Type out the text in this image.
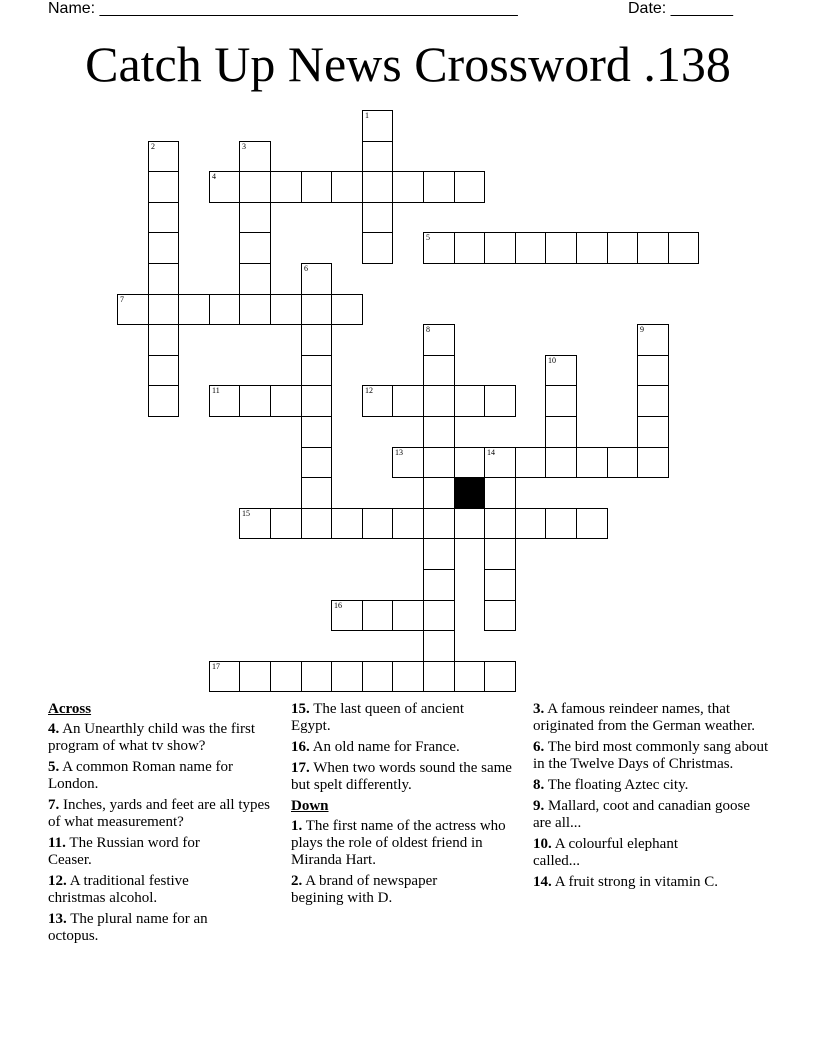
Name: _______________________________________________	Date: _______
Catch Up News Crossword .138
1
2	3
4
5
6
7
8	9
10
11	12
13	14
15
16
17
Across
4. An Unearthly child was the first program of what tv show?
5. A common Roman name for London.
7. Inches, yards and feet are all types of what measurement?
11. The Russian word for Ceaser.
12. A traditional festive christmas alcohol.
13. The plural name for an octopus.
15. The last queen of ancient Egypt.
16. An old name for France.
17. When two words sound the same but spelt differently.
Down
1. The first name of the actress who plays the role of oldest friend in Miranda Hart.
2. A brand of newspaper begining with D.
3. A famous reindeer names, that originated from the German weather.
6. The bird most commonly sang about in the Twelve Days of Christmas.
8. The floating Aztec city.
9. Mallard, coot and canadian goose are all...
10. A colourful elephant called...
14. A fruit strong in vitamin C.
